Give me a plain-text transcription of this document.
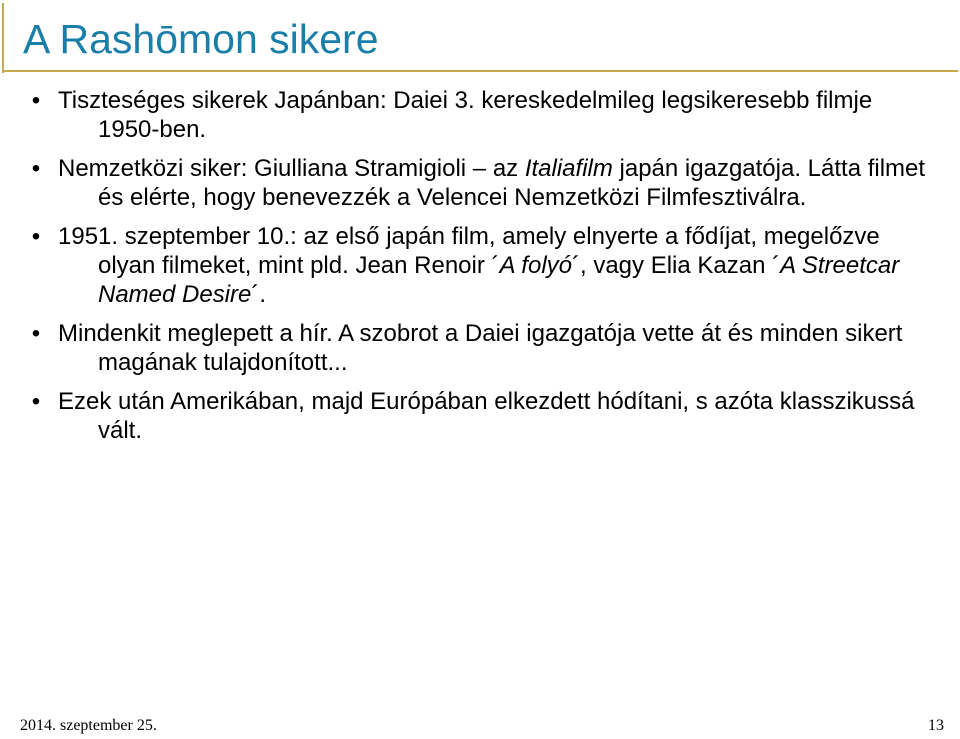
A Rashōmon sikere
• Tiszteséges sikerek Japánban: Daiei 3. kereskedelmileg legsikeresebb filmje 1950-ben.
• Nemzetközi siker: Giulliana Stramigioli – az Italiafilm japán igazgatója. Látta filmet és elérte, hogy benevezzék a Velencei Nemzetközi Filmfesztiválra.
• 1951. szeptember 10.: az első japán film, amely elnyerte a fődíjat, megelőzve olyan filmeket, mint pld. Jean Renoir ´A folyó´, vagy Elia Kazan ´A Streetcar Named Desire´.
• Mindenkit meglepett a hír. A szobrot a Daiei igazgatója vette át és minden sikert magának tulajdonított...
• Ezek után Amerikában, majd Európában elkezdett hódítani, s azóta klasszikussá vált.
2014. szeptember 25.	13
